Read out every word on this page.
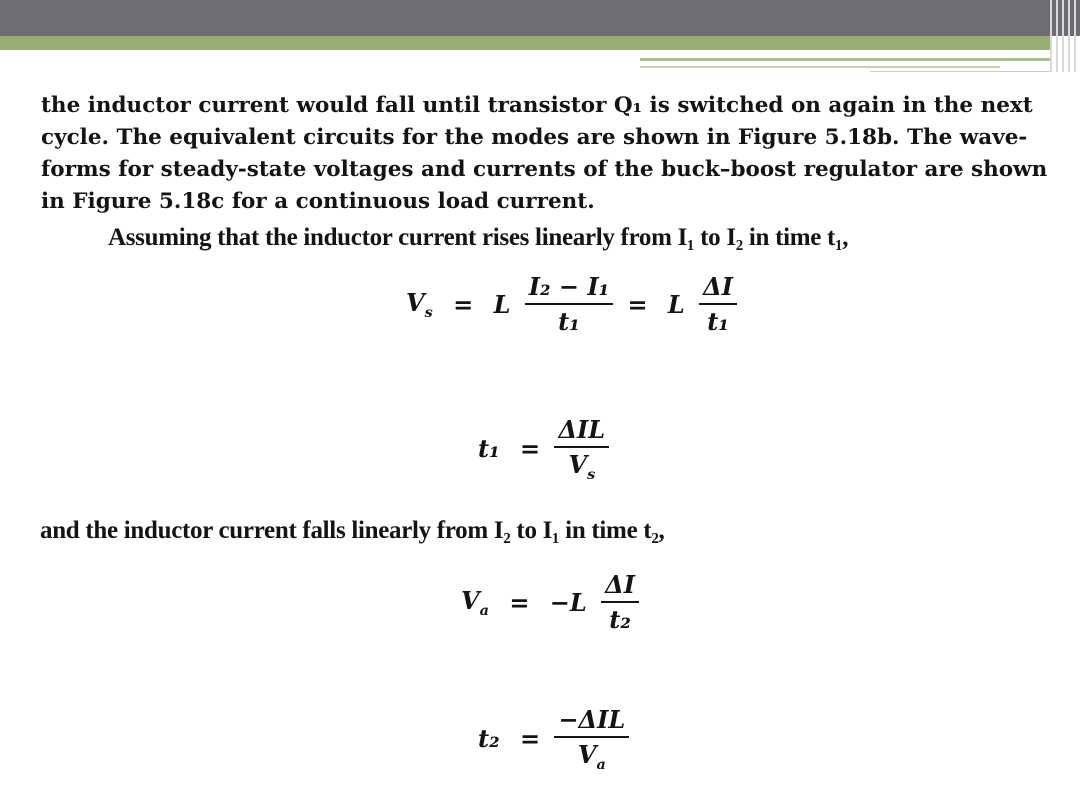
the inductor current would fall until transistor Q₁ is switched on again in the next
cycle. The equivalent circuits for the modes are shown in Figure 5.18b. The wave-
forms for steady-state voltages and currents of the buck–boost regulator are shown
in Figure 5.18c for a continuous load current.
Assuming that the inductor current rises linearly from I₁ to I₂ in time t₁,
$V_s = L \frac{\text{I₂ − I₁}}{\text{t₁}} = L \frac{\Delta I}{\text{t₁}}$
$t_1 = \frac{\text{ΔIL}}{V_s}$
and the inductor current falls linearly from I₂ to I₁ in time t₂,
$V_a = -L \frac{\Delta I}{\text{t₂}}$
$t_2 = \frac{\text{−ΔIL}}{V_a}$
